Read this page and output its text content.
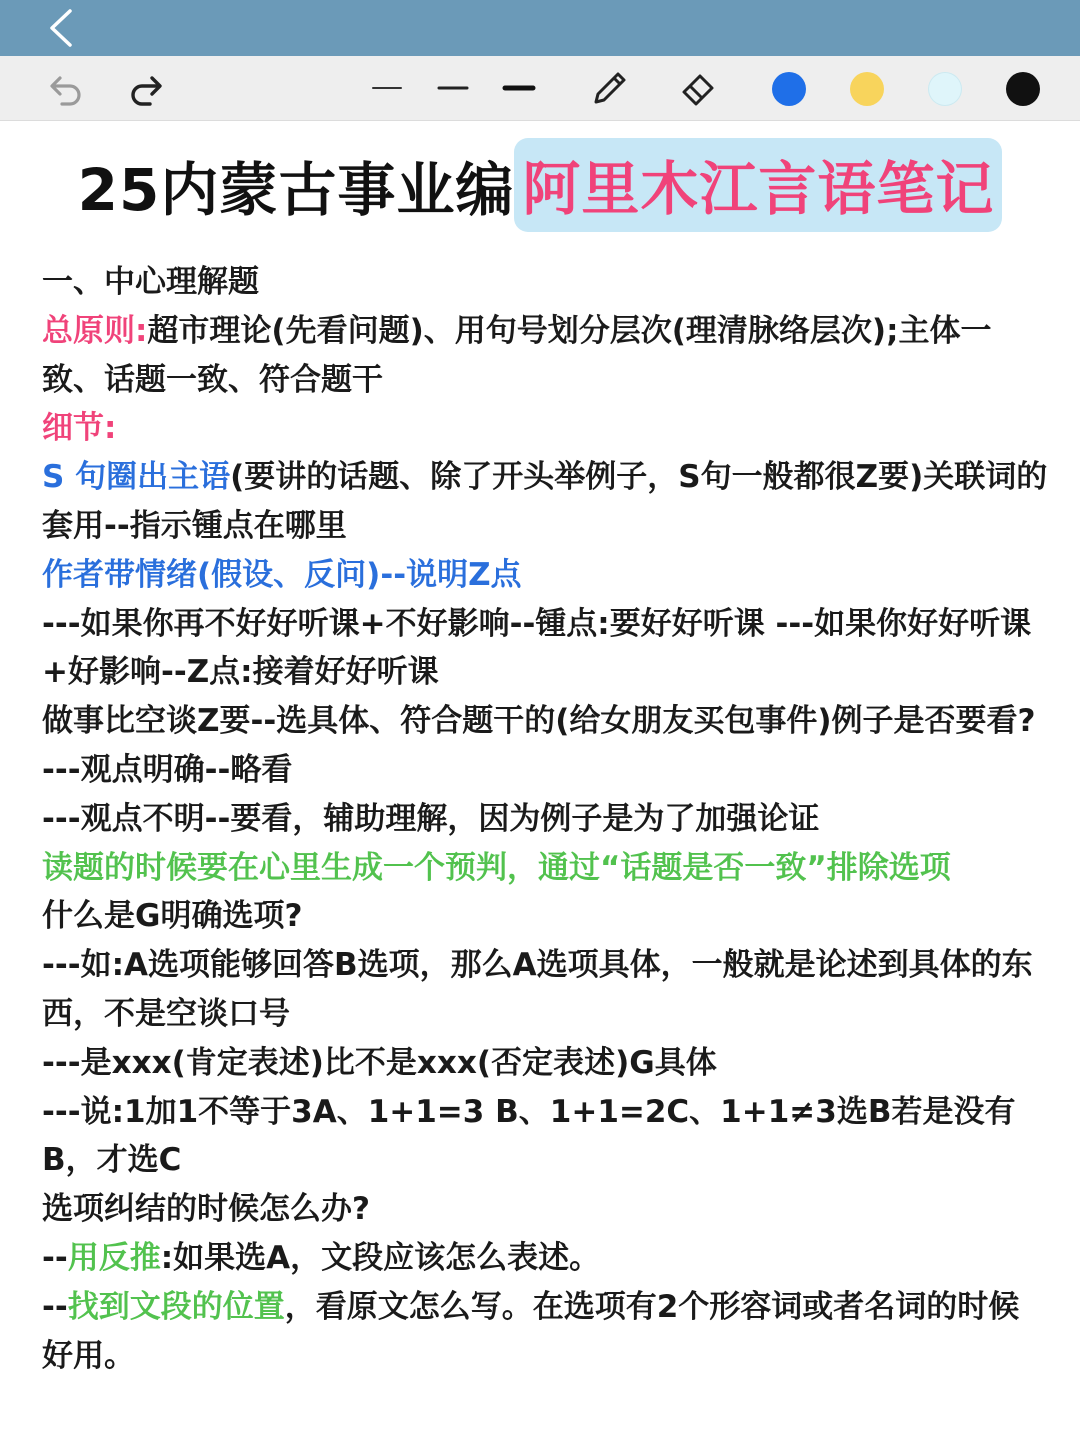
25内蒙古事业编 阿里木江言语笔记

一、中心理解题

总原则:超市理论(先看问题)、用句号划分层次(理清脉络层次);主体一致、话题一致、符合题干

细节:

S 句圈出主语(要讲的话题、除了开头举例子，S句一般都很Z要)关联词的套用--指示锺点在哪里

作者带情绪(假设、反问)--说明Z点

---如果你再不好好听课+不好影响--锺点:要好好听课 ---如果你好好听课+好影响--Z点:接着好好听课

做事比空谈Z要--选具体、符合题干的(给女朋友买包事件)例子是否要看? ---观点明确--略看

---观点不明--要看，辅助理解，因为例子是为了加强论证

读题的时候要在心里生成一个预判，通过“话题是否一致”排除选项

什么是G明确选项?

---如:A选项能够回答B选项，那么A选项具体，一般就是论述到具体的东西，不是空谈口号

---是xxx(肯定表述)比不是xxx(否定表述)G具体

---说:1加1不等于3A、1+1=3 B、1+1=2C、1+1≠3选B若是没有B，才选C

选项纠结的时候怎么办?

--用反推:如果选A，文段应该怎么表述。

--找到文段的位置，看原文怎么写。在选项有2个形容词或者名词的时候好用。
